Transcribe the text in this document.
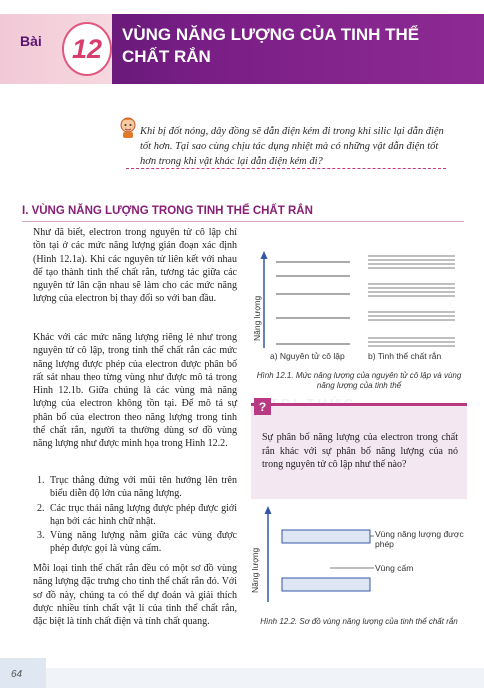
Bài 12 VÙNG NĂNG LƯỢNG CỦA TINH THỂ CHẤT RẮN
Khi bị đốt nóng, dây đồng sẽ dẫn điện kém đi trong khi silic lại dẫn điện tốt hơn. Tại sao cùng chịu tác dụng nhiệt mà có những vật dẫn điện tốt hơn trong khi vật khác lại dẫn điện kém đi?
I. VÙNG NĂNG LƯỢNG TRONG TINH THỂ CHẤT RẮN
Như đã biết, electron trong nguyên tử cô lập chỉ tồn tại ở các mức năng lượng gián đoạn xác định (Hình 12.1a). Khi các nguyên tử liên kết với nhau để tạo thành tinh thể chất rắn, tương tác giữa các nguyên tử lân cận nhau sẽ làm cho các mức năng lượng của electron bị thay đổi so với ban đầu.
Khác với các mức năng lượng riêng lẻ như trong nguyên tử cô lập, trong tinh thể chất rắn các mức năng lượng được phép của electron được phân bố rất sát nhau theo từng vùng như được mô tả trong Hình 12.1b. Giữa chúng là các vùng mà năng lượng của electron không tồn tại. Để mô tả sự phân bố của electron theo năng lượng trong tinh thể chất rắn, người ta thường dùng sơ đồ vùng năng lượng như được minh họa trong Hình 12.2.
1. Trục thẳng đứng với mũi tên hướng lên trên biểu diễn độ lớn của năng lượng.
2. Các trục thái năng lượng được phép được giới hạn bởi các hình chữ nhật.
3. Vùng năng lượng nằm giữa các vùng được phép được gọi là vùng cấm.
Mỗi loại tinh thể chất rắn đều có một sơ đồ vùng năng lượng đặc trưng cho tinh thể chất rắn đó. Với sơ đồ này, chúng ta có thể dự đoán và giải thích được nhiều tính chất vật lí của tinh thể chất rắn, đặc biệt là tính chất điện và tính chất quang.
Năng lượng
a) Nguyên tử cô lập	b) Tinh thể chất rắn
Hình 12.1. Mức năng lượng của nguyên tử cô lập và vùng năng lượng của tinh thể
?
Sự phân bố năng lượng của electron trong chất rắn khác với sự phân bố năng lượng của nó trong nguyên tử cô lập như thế nào?
Năng lượng
Vùng năng lượng được phép
Vùng cấm
Hình 12.2. Sơ đồ vùng năng lượng của tinh thể chất rắn
64
